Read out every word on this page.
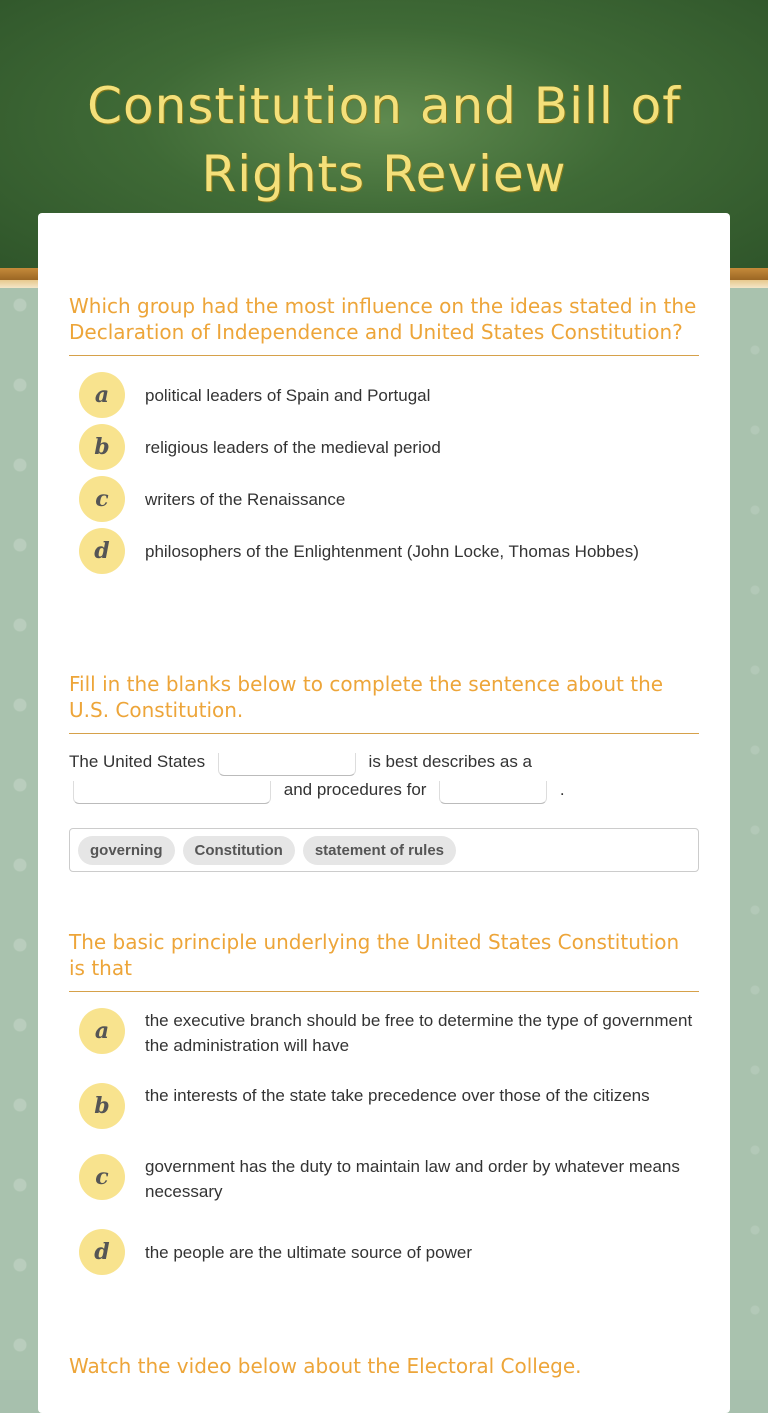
Constitution and Bill of Rights Review
Which group had the most influence on the ideas stated in the Declaration of Independence and United States Constitution?
a	political leaders of Spain and Portugal
b	religious leaders of the medieval period
c	writers of the Renaissance
d	philosophers of the Enlightenment (John Locke, Thomas Hobbes)
Fill in the blanks below to complete the sentence about the U.S. Constitution.
The United States	is best describes as a
and procedures for	.
governing	Constitution	statement of rules
The basic principle underlying the United States Constitution is that
a	the executive branch should be free to determine the type of government the administration will have
b	the interests of the state take precedence over those of the citizens
c	government has the duty to maintain law and order by whatever means necessary
d	the people are the ultimate source of power
Watch the video below about the Electoral College.
